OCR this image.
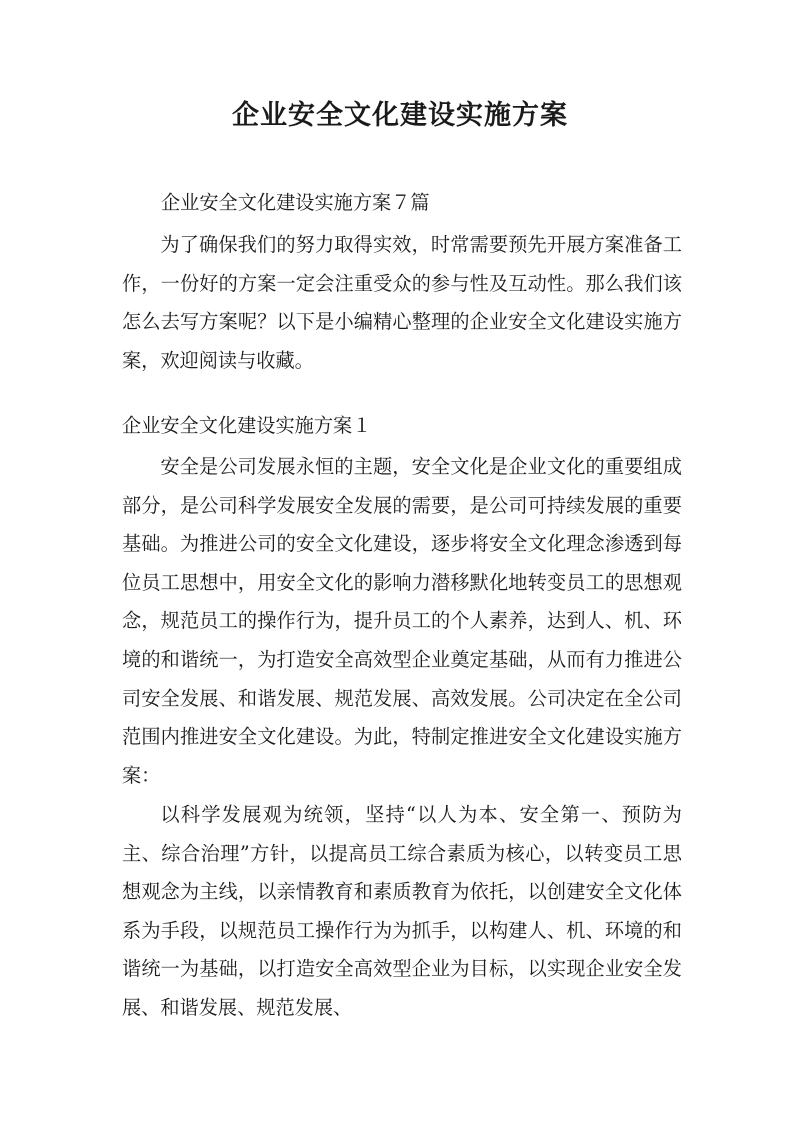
企业安全文化建设实施方案

企业安全文化建设实施方案７篇

为了确保我们的努力取得实效，时常需要预先开展方案准备工作，一份好的方案一定会注重受众的参与性及互动性。那么我们该怎么去写方案呢？以下是小编精心整理的企业安全文化建设实施方案，欢迎阅读与收藏。

企业安全文化建设实施方案１

安全是公司发展永恒的主题，安全文化是企业文化的重要组成部分，是公司科学发展安全发展的需要，是公司可持续发展的重要基础。为推进公司的安全文化建设，逐步将安全文化理念渗透到每位员工思想中，用安全文化的影响力潜移默化地转变员工的思想观念，规范员工的操作行为，提升员工的个人素养，达到人、机、环境的和谐统一，为打造安全高效型企业奠定基础，从而有力推进公司安全发展、和谐发展、规范发展、高效发展。公司决定在全公司范围内推进安全文化建设。为此，特制定推进安全文化建设实施方案：

以科学发展观为统领，坚持“以人为本、安全第一、预防为主、综合治理”方针，以提高员工综合素质为核心，以转变员工思想观念为主线，以亲情教育和素质教育为依托，以创建安全文化体系为手段，以规范员工操作行为为抓手，以构建人、机、环境的和谐统一为基础，以打造安全高效型企业为目标，以实现企业安全发展、和谐发展、规范发展、
